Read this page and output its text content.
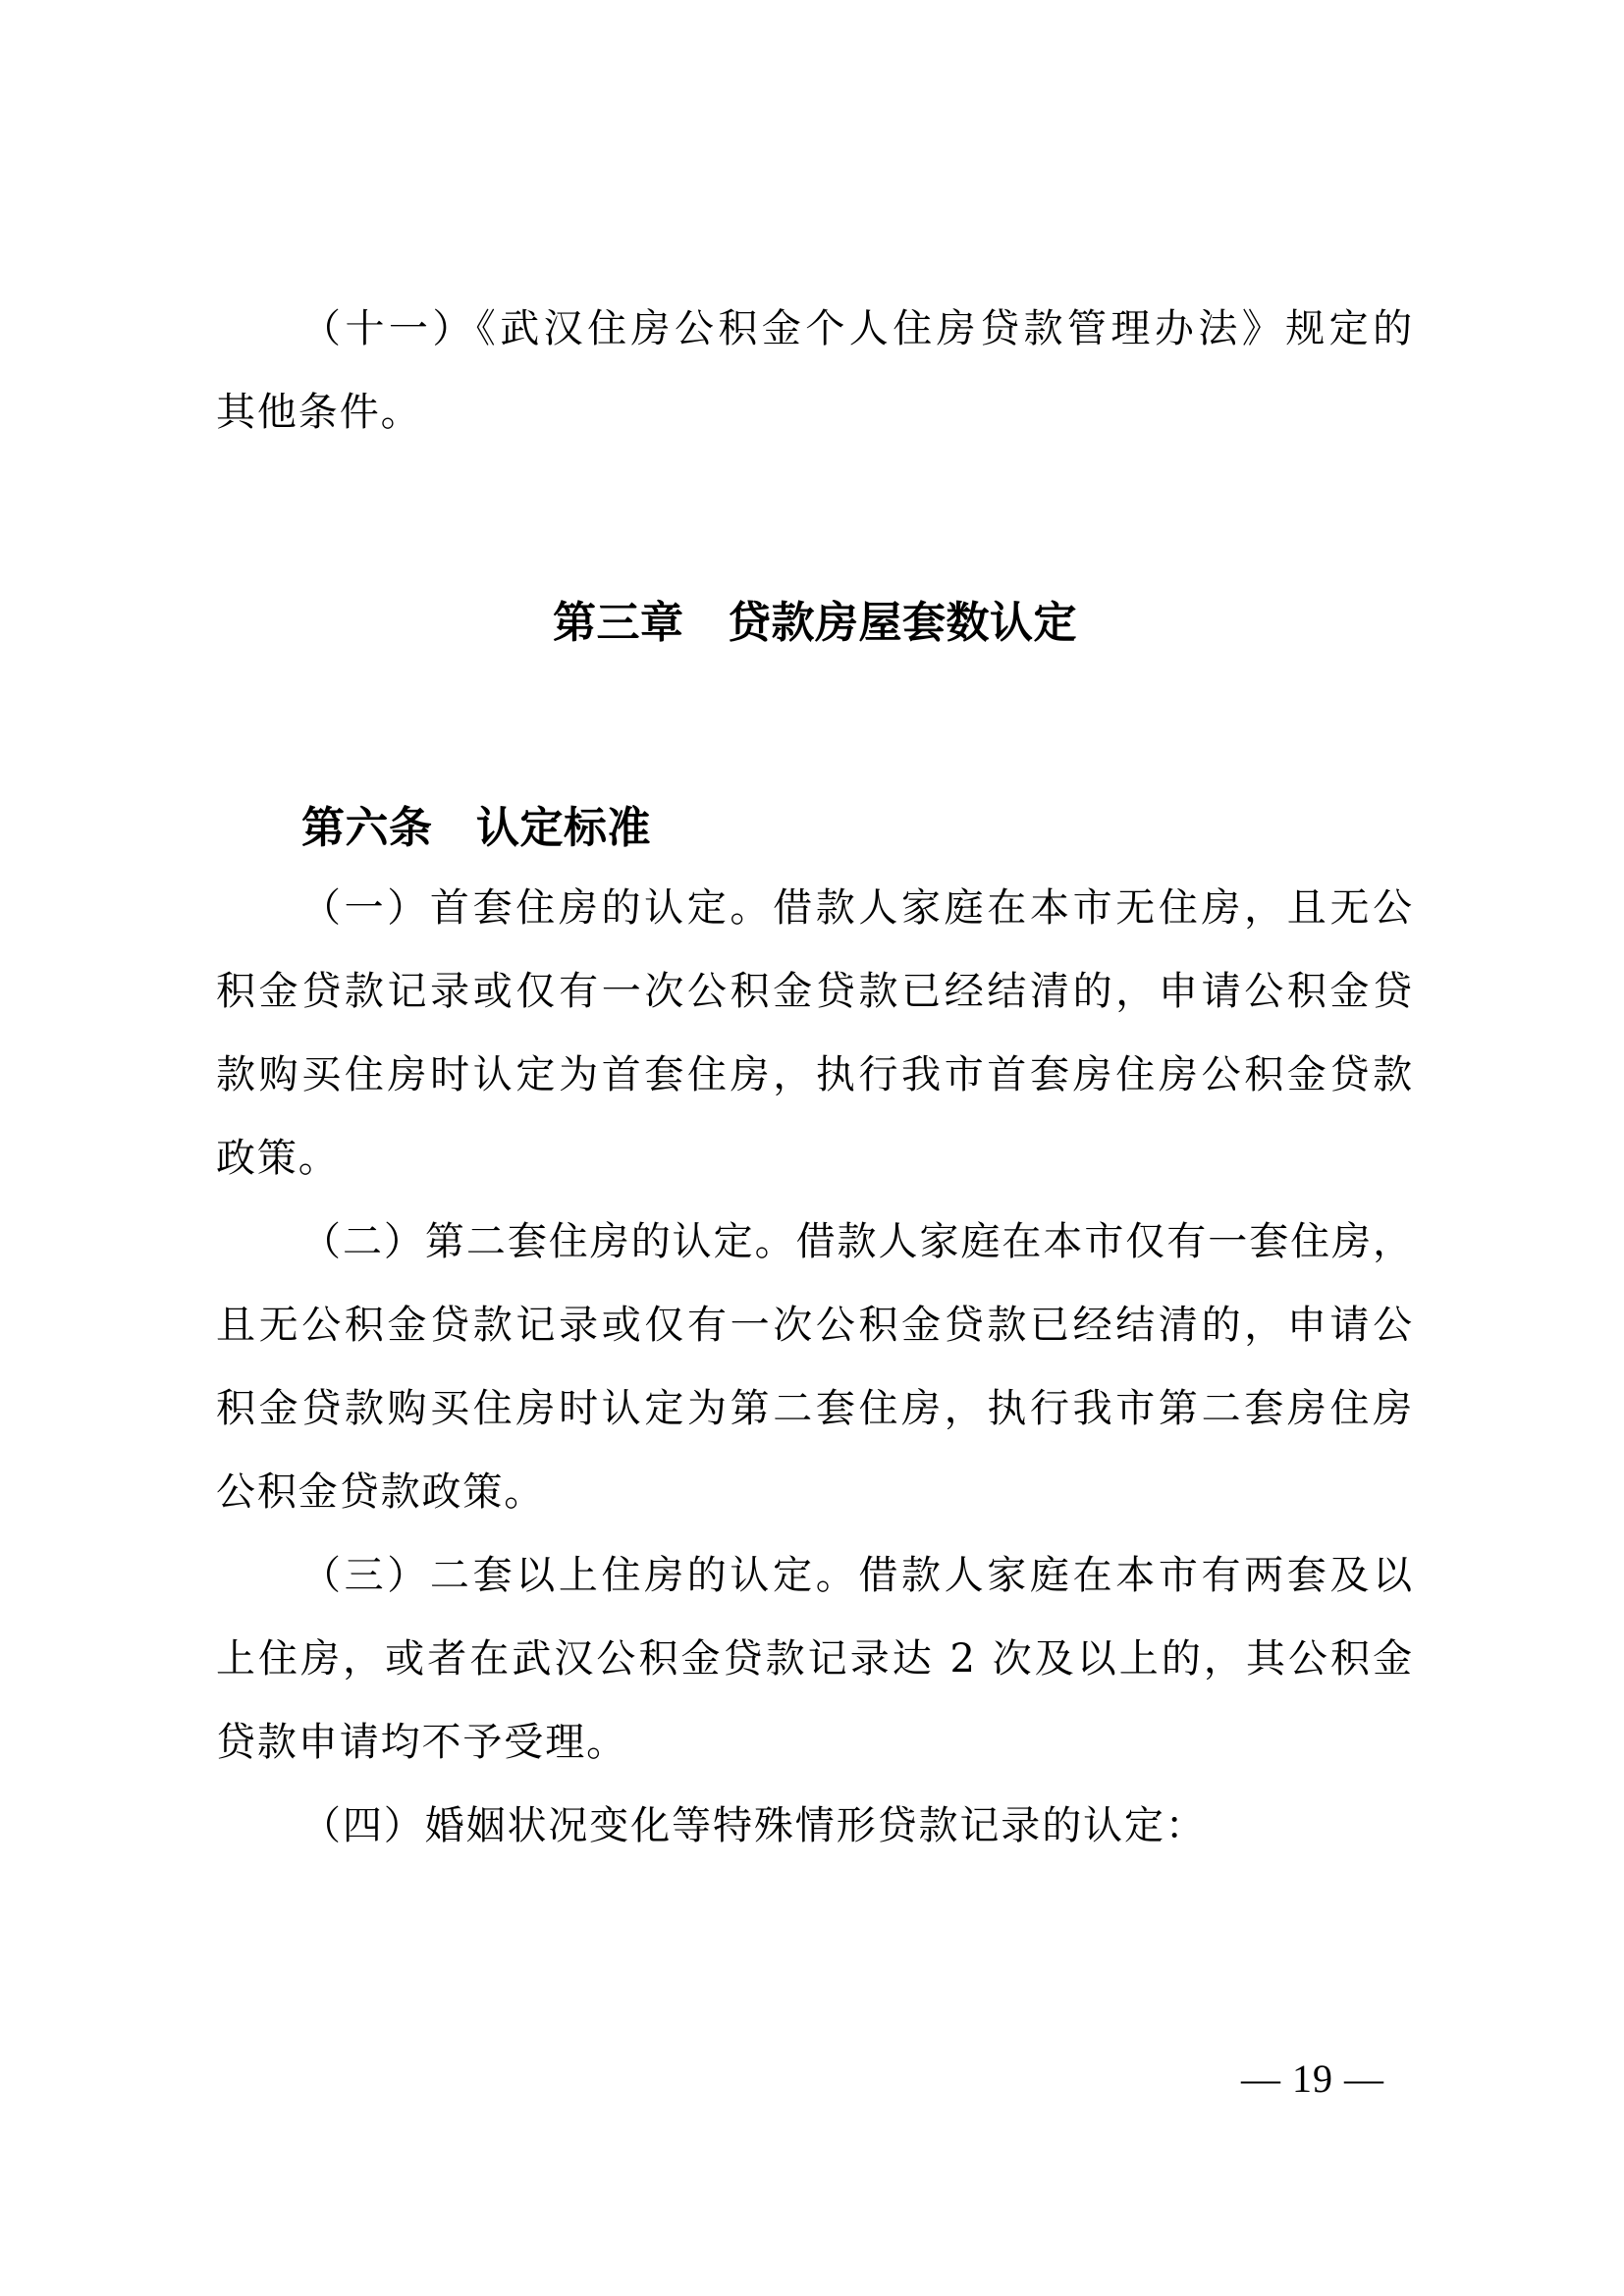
（十一）《武汉住房公积金个人住房贷款管理办法》规定的
其他条件。
第三章　贷款房屋套数认定
第六条　认定标准
（一）首套住房的认定。借款人家庭在本市无住房，且无公
积金贷款记录或仅有一次公积金贷款已经结清的，申请公积金贷
款购买住房时认定为首套住房，执行我市首套房住房公积金贷款
政策。
（二）第二套住房的认定。借款人家庭在本市仅有一套住房，
且无公积金贷款记录或仅有一次公积金贷款已经结清的，申请公
积金贷款购买住房时认定为第二套住房，执行我市第二套房住房
公积金贷款政策。
（三）二套以上住房的认定。借款人家庭在本市有两套及以
上住房，或者在武汉公积金贷款记录达 2 次及以上的，其公积金
贷款申请均不予受理。
（四）婚姻状况变化等特殊情形贷款记录的认定：
— 19 —
